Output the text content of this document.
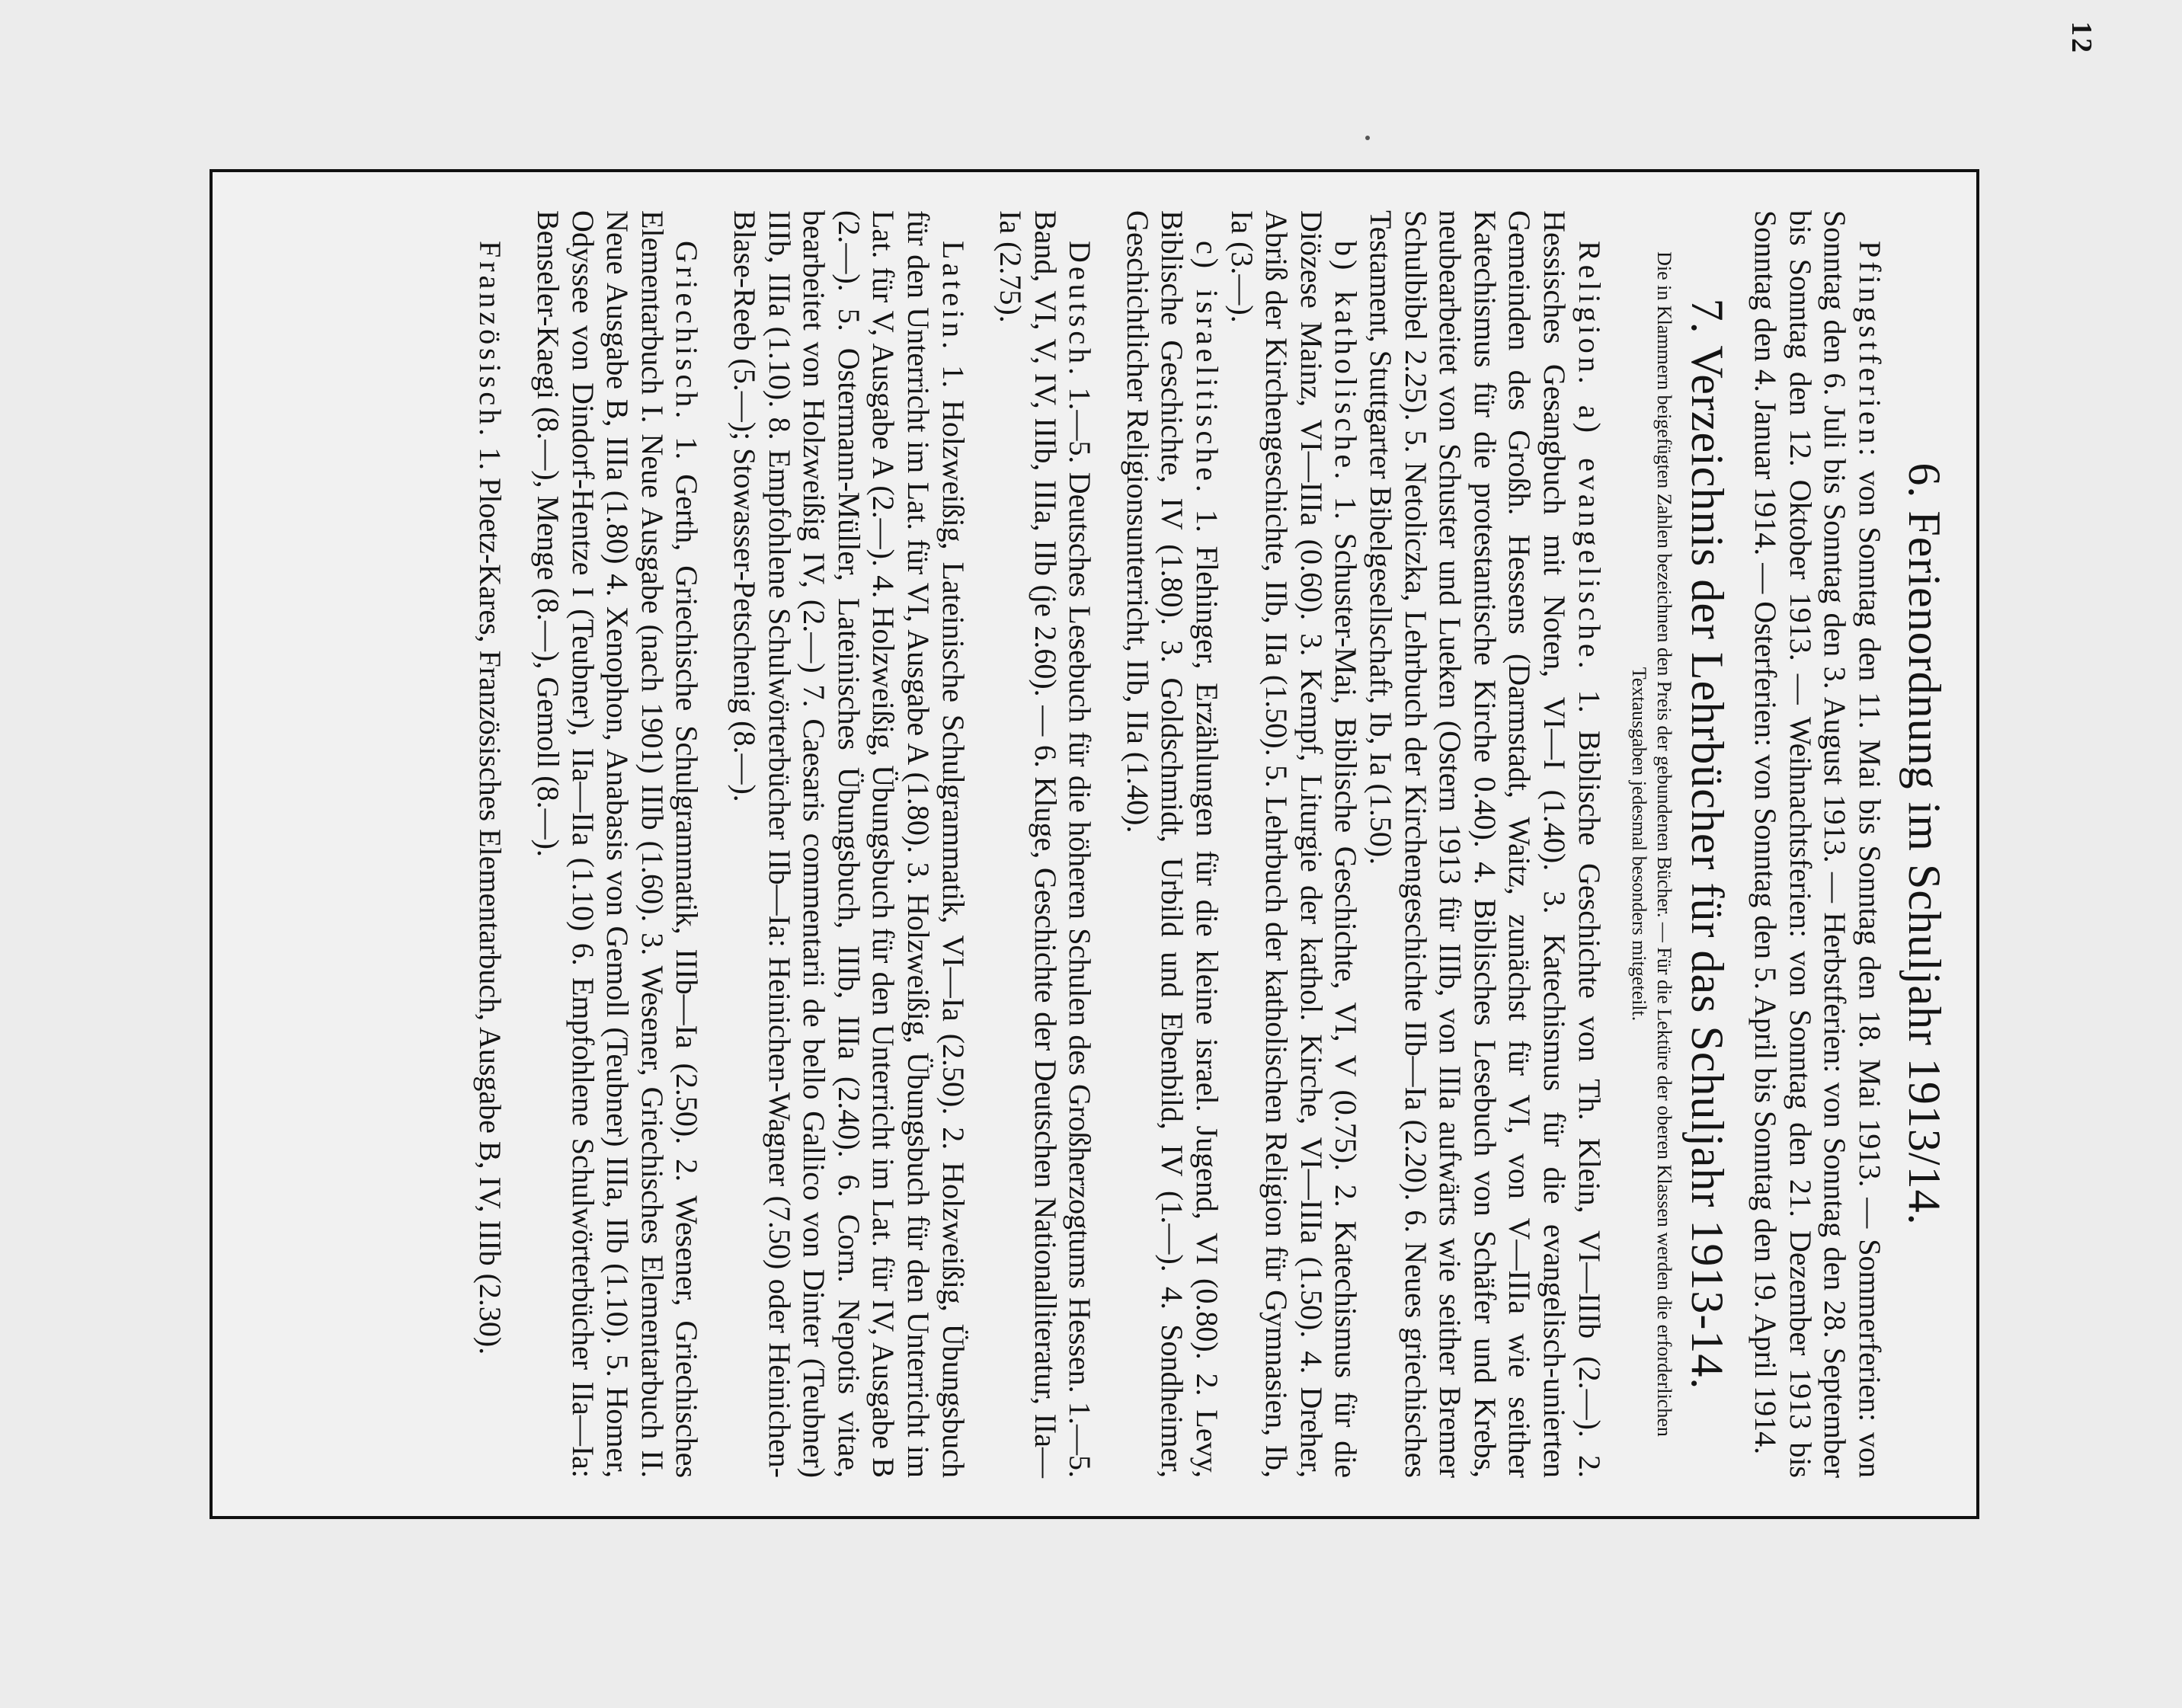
12
6. Ferienordnung im Schuljahr 1913/14.

Pfingstferien: von Sonntag den 11. Mai bis Sonntag den 18. Mai 1913. — Sommerferien: von Sonntag den 6. Juli bis Sonntag den 3. August 1913. — Herbstferien: von Sonntag den 28. September bis Sonntag den 12. Oktober 1913. — Weihnachtsferien: von Sonntag den 21. Dezember 1913 bis Sonntag den 4. Januar 1914. — Osterferien: von Sonntag den 5. April bis Sonntag den 19. April 1914.

7. Verzeichnis der Lehrbücher für das Schuljahr 1913-14.

Die in Klammern beigefügten Zahlen bezeichnen den Preis der gebundenen Bücher. — Für die Lektüre der oberen Klassen werden die erforderlichen Textausgaben jedesmal besonders mitgeteilt.

Religion. a) evangelische. 1. Biblische Geschichte von Th. Klein, VI—IIIb (2.—). 2. Hessisches Gesangbuch mit Noten, VI—I (1.40). 3. Katechismus für die evangelisch-unierten Gemeinden des Großh. Hessens (Darmstadt, Waitz, zunächst für VI, von V—IIIa wie seither Katechismus für die protestantische Kirche 0.40). 4. Biblisches Lesebuch von Schäfer und Krebs, neubearbeitet von Schuster und Lueken (Ostern 1913 für IIIb, von IIIa aufwärts wie seither Bremer Schulbibel 2.25). 5. Netoliczka, Lehrbuch der Kirchengeschichte IIb—Ia (2.20). 6. Neues griechisches Testament, Stuttgarter Bibelgesellschaft, Ib, Ia (1.50).
b) katholische. 1. Schuster-Mai, Biblische Geschichte, VI, V (0.75). 2. Katechismus für die Diözese Mainz, VI—IIIa (0.60). 3. Kempf, Liturgie der kathol. Kirche, VI—IIIa (1.50). 4. Dreher, Abriß der Kirchengeschichte, IIb, IIa (1.50). 5. Lehrbuch der katholischen Religion für Gymnasien, Ib, Ia (3.—).
c) israelitische. 1. Flehinger, Erzählungen für die kleine israel. Jugend, VI (0.80). 2. Levy, Biblische Geschichte, IV (1.80). 3. Goldschmidt, Urbild und Ebenbild, IV (1.—). 4. Sondheimer, Geschichtlicher Religionsunterricht, IIb, IIa (1.40).

Deutsch. 1.—5. Deutsches Lesebuch für die höheren Schulen des Großherzogtums Hessen. 1.—5. Band, VI, V, IV, IIIb, IIIa, IIb (je 2.60). — 6. Kluge, Geschichte der Deutschen Nationalliteratur, IIa—Ia (2.75).

Latein. 1. Holzweißig, Lateinische Schulgrammatik, VI—Ia (2.50). 2. Holzweißig, Übungsbuch für den Unterricht im Lat. für VI, Ausgabe A (1.80). 3. Holzweißig, Übungsbuch für den Unterricht im Lat. für V, Ausgabe A (2.—). 4. Holzweißig, Übungsbuch für den Unterricht im Lat. für IV, Ausgabe B (2.—). 5. Ostermann-Müller, Lateinisches Übungsbuch, IIIb, IIIa (2.40). 6. Corn. Nepotis vitae, bearbeitet von Holzweißig IV, (2.—) 7. Caesaris commentarii de bello Gallico von Dinter (Teubner) IIIb, IIIa (1.10). 8. Empfohlene Schulwörterbücher IIb—Ia: Heinichen-Wagner (7.50) oder Heinichen-Blase-Reeb (5.—); Stowasser-Petschenig (8.—).

Griechisch. 1. Gerth, Griechische Schulgrammatik, IIIb—Ia (2.50). 2. Wesener, Griechisches Elementarbuch I. Neue Ausgabe (nach 1901) IIIb (1.60). 3. Wesener, Griechisches Elementarbuch II. Neue Ausgabe B, IIIa (1.80) 4. Xenophon, Anabasis von Gemoll (Teubner) IIIa, IIb (1.10). 5. Homer, Odyssee von Dindorf-Hentze I (Teubner), IIa—IIa (1.10) 6. Empfohlene Schulwörterbücher IIa—Ia: Benseler-Kaegi (8.—), Menge (8.—), Gemoll (8.—).

Französisch. 1. Ploetz-Kares, Französisches Elementarbuch, Ausgabe B, IV, IIIb (2.30).
